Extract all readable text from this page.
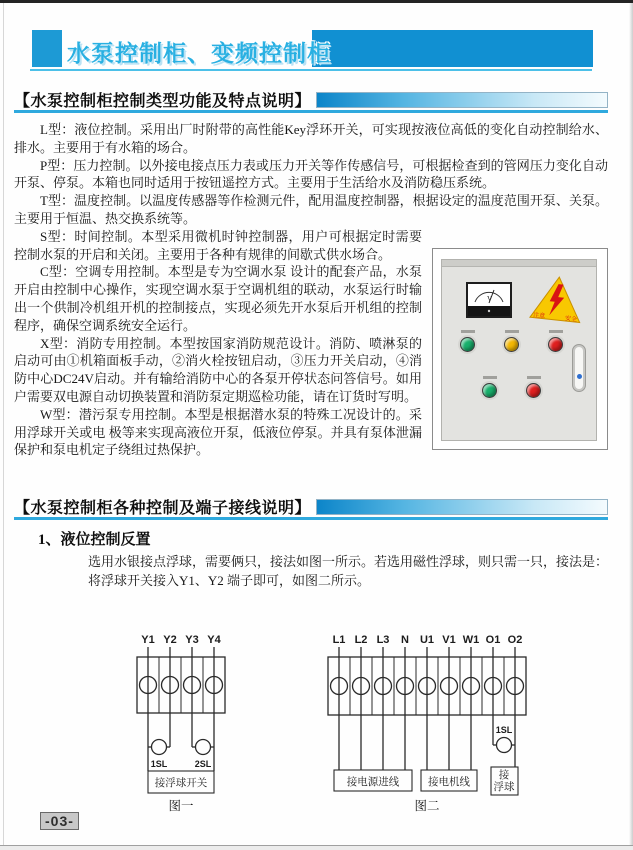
水泵控制柜、变频控制柜
【水泵控制柜控制类型功能及特点说明】

L型：液位控制。采用出厂时附带的高性能Key浮环开关，可实现按液位高低的变化自动控制给水、排水。主要用于有水箱的场合。

P型：压力控制。以外接电接点压力表或压力开关等作传感信号，可根据检查到的管网压力变化自动开泵、停泵。本箱也同时适用于按钮遥控方式。主要用于生活给水及消防稳压系统。

T型：温度控制。以温度传感器等作检测元件，配用温度控制器，根据设定的温度范围开泵、关泵。主要用于恒温、热交换系统等。

V
注意	安全

S型：时间控制。本型采用微机时钟控制器，用户可根据定时需要控制水泵的开启和关闭。主要用于各种有规律的间歇式供水场合。

C型：空调专用控制。本型是专为空调水泵 设计的配套产品，水泵开启由控制中心操作，实现空调水泵于空调机组的联动，水泵运行时输出一个供制冷机组开机的控制接点，实现必须先开水泵后开机组的控制程序，确保空调系统安全运行。

X型：消防专用控制。本型按国家消防规范设计。消防、喷淋泵的启动可由①机箱面板手动，②消火栓按钮启动，③压力开关启动，④消防中心DC24V启动。并有输给消防中心的各泵开停状态问答信号。如用户需要双电源自动切换装置和消防泵定期巡检功能，请在订货时写明。

W型：潜污泵专用控制。本型是根据潜水泵的特殊工况设计的。采用浮球开关或电 极等来实现高液位开泵，低液位停泵。并具有泵体泄漏保护和泵电机定子绕组过热保护。

【水泵控制柜各种控制及端子接线说明】
1、液位控制反置
选用水银接点浮球，需要俩只，接法如图一所示。若选用磁性浮球，则只需一只，接法是：将浮球开关接入Y1、Y2 端子即可，如图二所示。
Y1 Y2 Y3 Y4
1SL	2SL
接浮球开关
图一
L1 L2 L3 N U1 V1 W1 O1 O2
1SL
接电源进线	接电机线
接
浮球
图二
-03-
